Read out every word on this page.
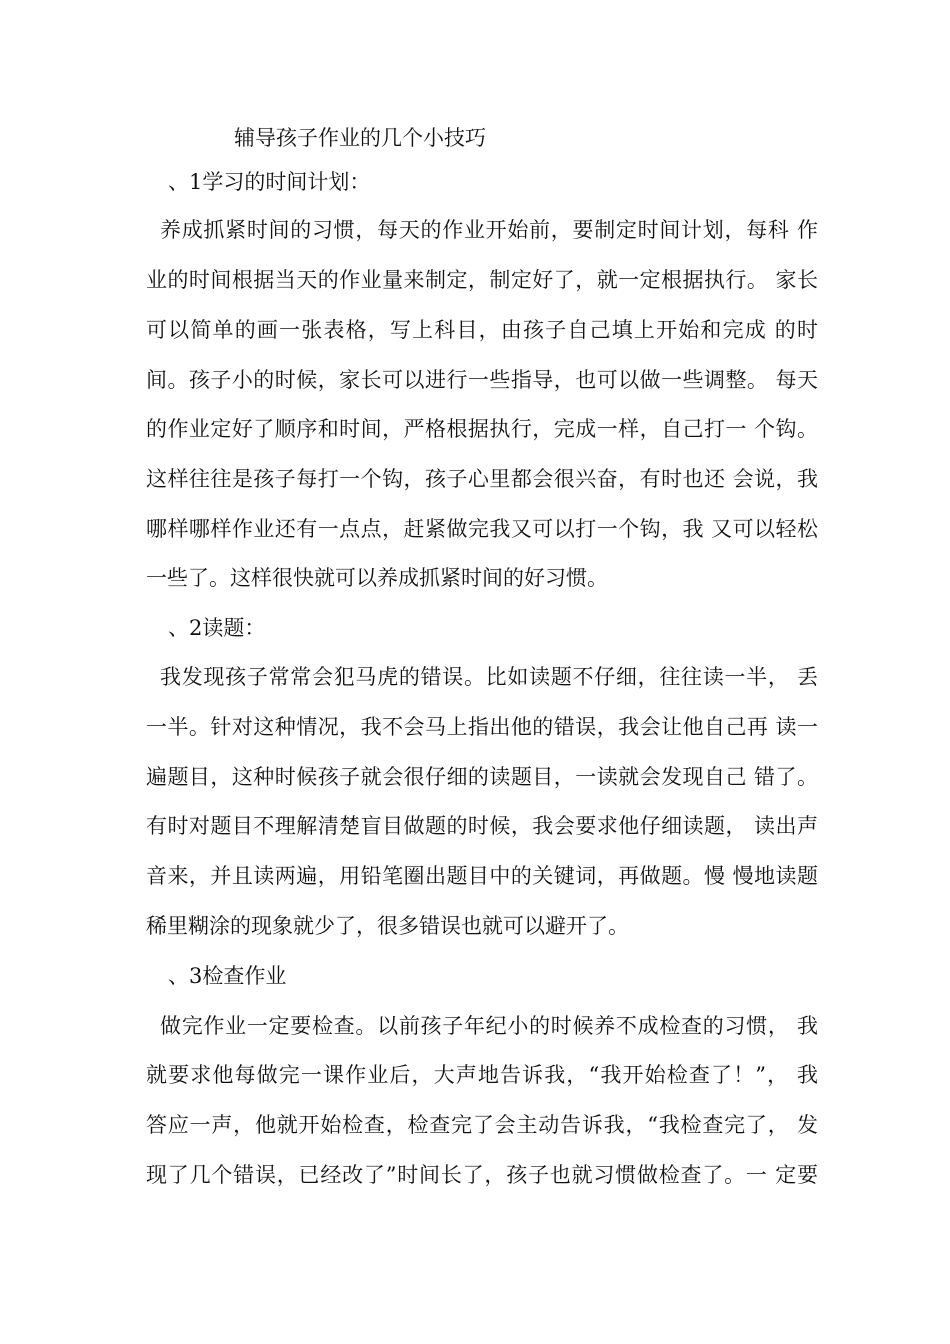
辅导孩子作业的几个小技巧
、1学习的时间计划：
养成抓紧时间的习惯，每天的作业开始前，要制定时间计划，每科 作
业的时间根据当天的作业量来制定，制定好了，就一定根据执行。 家长
可以简单的画一张表格，写上科目，由孩子自己填上开始和完成 的时
间。孩子小的时候，家长可以进行一些指导，也可以做一些调整。 每天
的作业定好了顺序和时间，严格根据执行，完成一样，自己打一 个钩。
这样往往是孩子每打一个钩，孩子心里都会很兴奋，有时也还 会说，我
哪样哪样作业还有一点点，赶紧做完我又可以打一个钩，我 又可以轻松
一些了。这样很快就可以养成抓紧时间的好习惯。
、2读题：
我发现孩子常常会犯马虎的错误。比如读题不仔细，往往读一半， 丢
一半。针对这种情况，我不会马上指出他的错误，我会让他自己再 读一
遍题目，这种时候孩子就会很仔细的读题目，一读就会发现自己 错了。
有时对题目不理解清楚盲目做题的时候，我会要求他仔细读题， 读出声
音来，并且读两遍，用铅笔圈出题目中的关键词，再做题。慢 慢地读题
稀里糊涂的现象就少了，很多错误也就可以避开了。
、3检查作业
做完作业一定要检查。以前孩子年纪小的时候养不成检查的习惯， 我
就要求他每做完一课作业后，大声地告诉我，“我开始检查了！”， 我
答应一声，他就开始检查，检查完了会主动告诉我，“我检查完了， 发
现了几个错误，已经改了”时间长了，孩子也就习惯做检查了。一 定要
